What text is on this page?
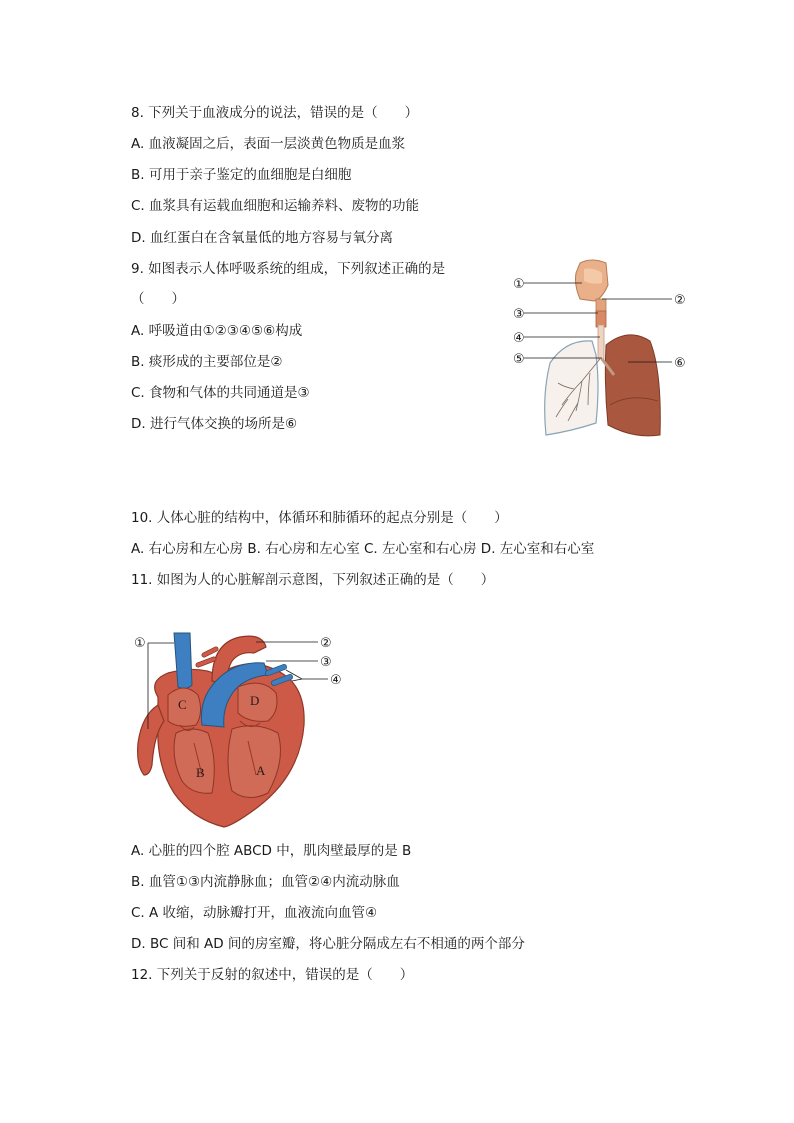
8. 下列关于血液成分的说法，错误的是（　　）
A. 血液凝固之后，表面一层淡黄色物质是血浆
B. 可用于亲子鉴定的血细胞是白细胞
C. 血浆具有运载血细胞和运输养料、废物的功能
D. 血红蛋白在含氧量低的地方容易与氧分离
9. 如图表示人体呼吸系统的组成，下列叙述正确的是
（　　）
A. 呼吸道由①②③④⑤⑥构成
B. 痰形成的主要部位是②
C. 食物和气体的共同通道是③
D. 进行气体交换的场所是⑥
①
②
③
④
⑤	⑥
10. 人体心脏的结构中，体循环和肺循环的起点分别是（　　）
A. 右心房和左心房 B. 右心房和左心室 C. 左心室和右心房 D. 左心室和右心室
11. 如图为人的心脏解剖示意图，下列叙述正确的是（　　）
①	②
③
④
C	D
B	A
A. 心脏的四个腔 ABCD 中，肌肉壁最厚的是 B
B. 血管①③内流静脉血；血管②④内流动脉血
C. A 收缩，动脉瓣打开，血液流向血管④
D. BC 间和 AD 间的房室瓣，将心脏分隔成左右不相通的两个部分
12. 下列关于反射的叙述中，错误的是（　　）
